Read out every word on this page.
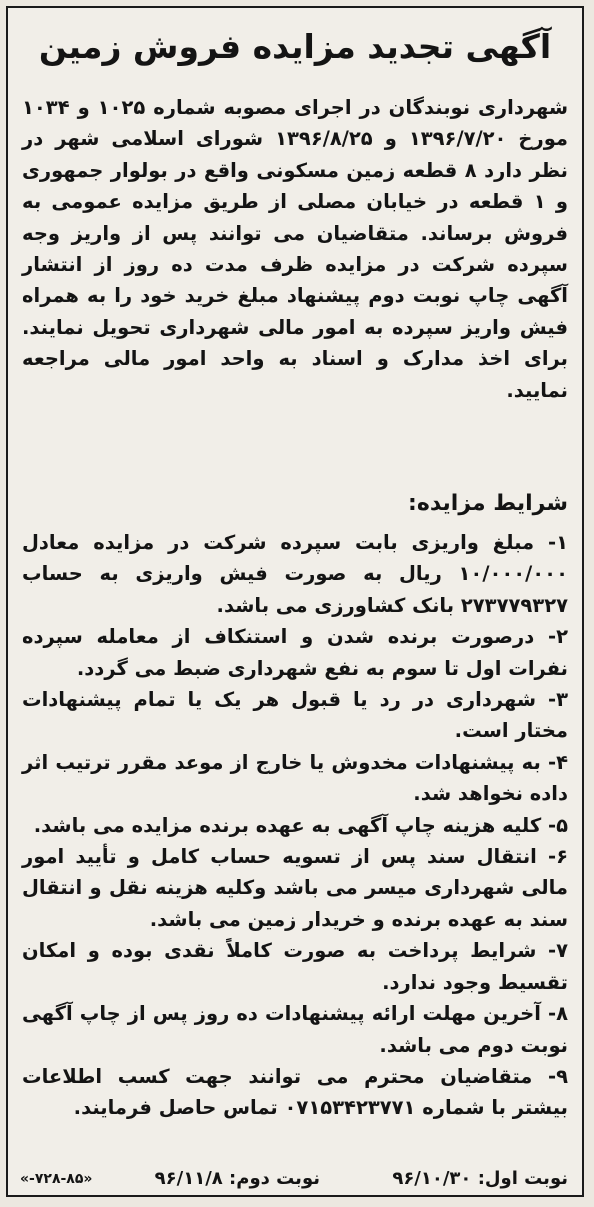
آگهی تجدید مزایده فروش زمین
شهرداری نوبندگان در اجرای مصوبه شماره ۱۰۲۵ و ۱۰۳۴ مورخ ۱۳۹۶/۷/۲۰ و ۱۳۹۶/۸/۲۵ شورای اسلامی شهر در نظر دارد ۸ قطعه زمین مسکونی واقع در بولوار جمهوری و ۱ قطعه در خیابان مصلی از طریق مزایده عمومی به فروش برساند. متقاضیان می توانند پس از واریز وجه سپرده شرکت در مزایده ظرف مدت ده روز از انتشار آگهی چاپ نوبت دوم پیشنهاد مبلغ خرید خود را به همراه فیش واریز سپرده به امور مالی شهرداری تحویل نمایند. برای اخذ مدارک و اسناد به واحد امور مالی مراجعه نمایید.
شرایط مزایده:
۱- مبلغ واریزی بابت سپرده شرکت در مزایده معادل ۱۰/۰۰۰/۰۰۰ ریال به صورت فیش واریزی به حساب ۲۷۳۷۷۹۳۲۷ بانک کشاورزی می باشد.
۲- درصورت برنده شدن و استنکاف از معامله سپرده نفرات اول تا سوم به نفع شهرداری ضبط می گردد.
۳- شهرداری در رد یا قبول هر یک یا تمام پیشنهادات مختار است.
۴- به پیشنهادات مخدوش یا خارج از موعد مقرر ترتیب اثر داده نخواهد شد.
۵- کلیه هزینه چاپ آگهی به عهده برنده مزایده می باشد.
۶- انتقال سند پس از تسویه حساب کامل و تأیید امور مالی شهرداری میسر می باشد وکلیه هزینه نقل و انتقال سند به عهده برنده و خریدار زمین می باشد.
۷- شرایط پرداخت به صورت کاملاً نقدی بوده و امکان تقسیط وجود ندارد.
۸- آخرین مهلت ارائه پیشنهادات ده روز پس از چاپ آگهی نوبت دوم می باشد.
۹- متقاضیان محترم می توانند جهت کسب اطلاعات بیشتر با شماره ۰۷۱۵۳۴۲۳۷۷۱ تماس حاصل فرمایند.
نوبت اول: ۹۶/۱۰/۳۰
نوبت دوم: ۹۶/۱۱/۸
«۷۲۸-۸۵-»
